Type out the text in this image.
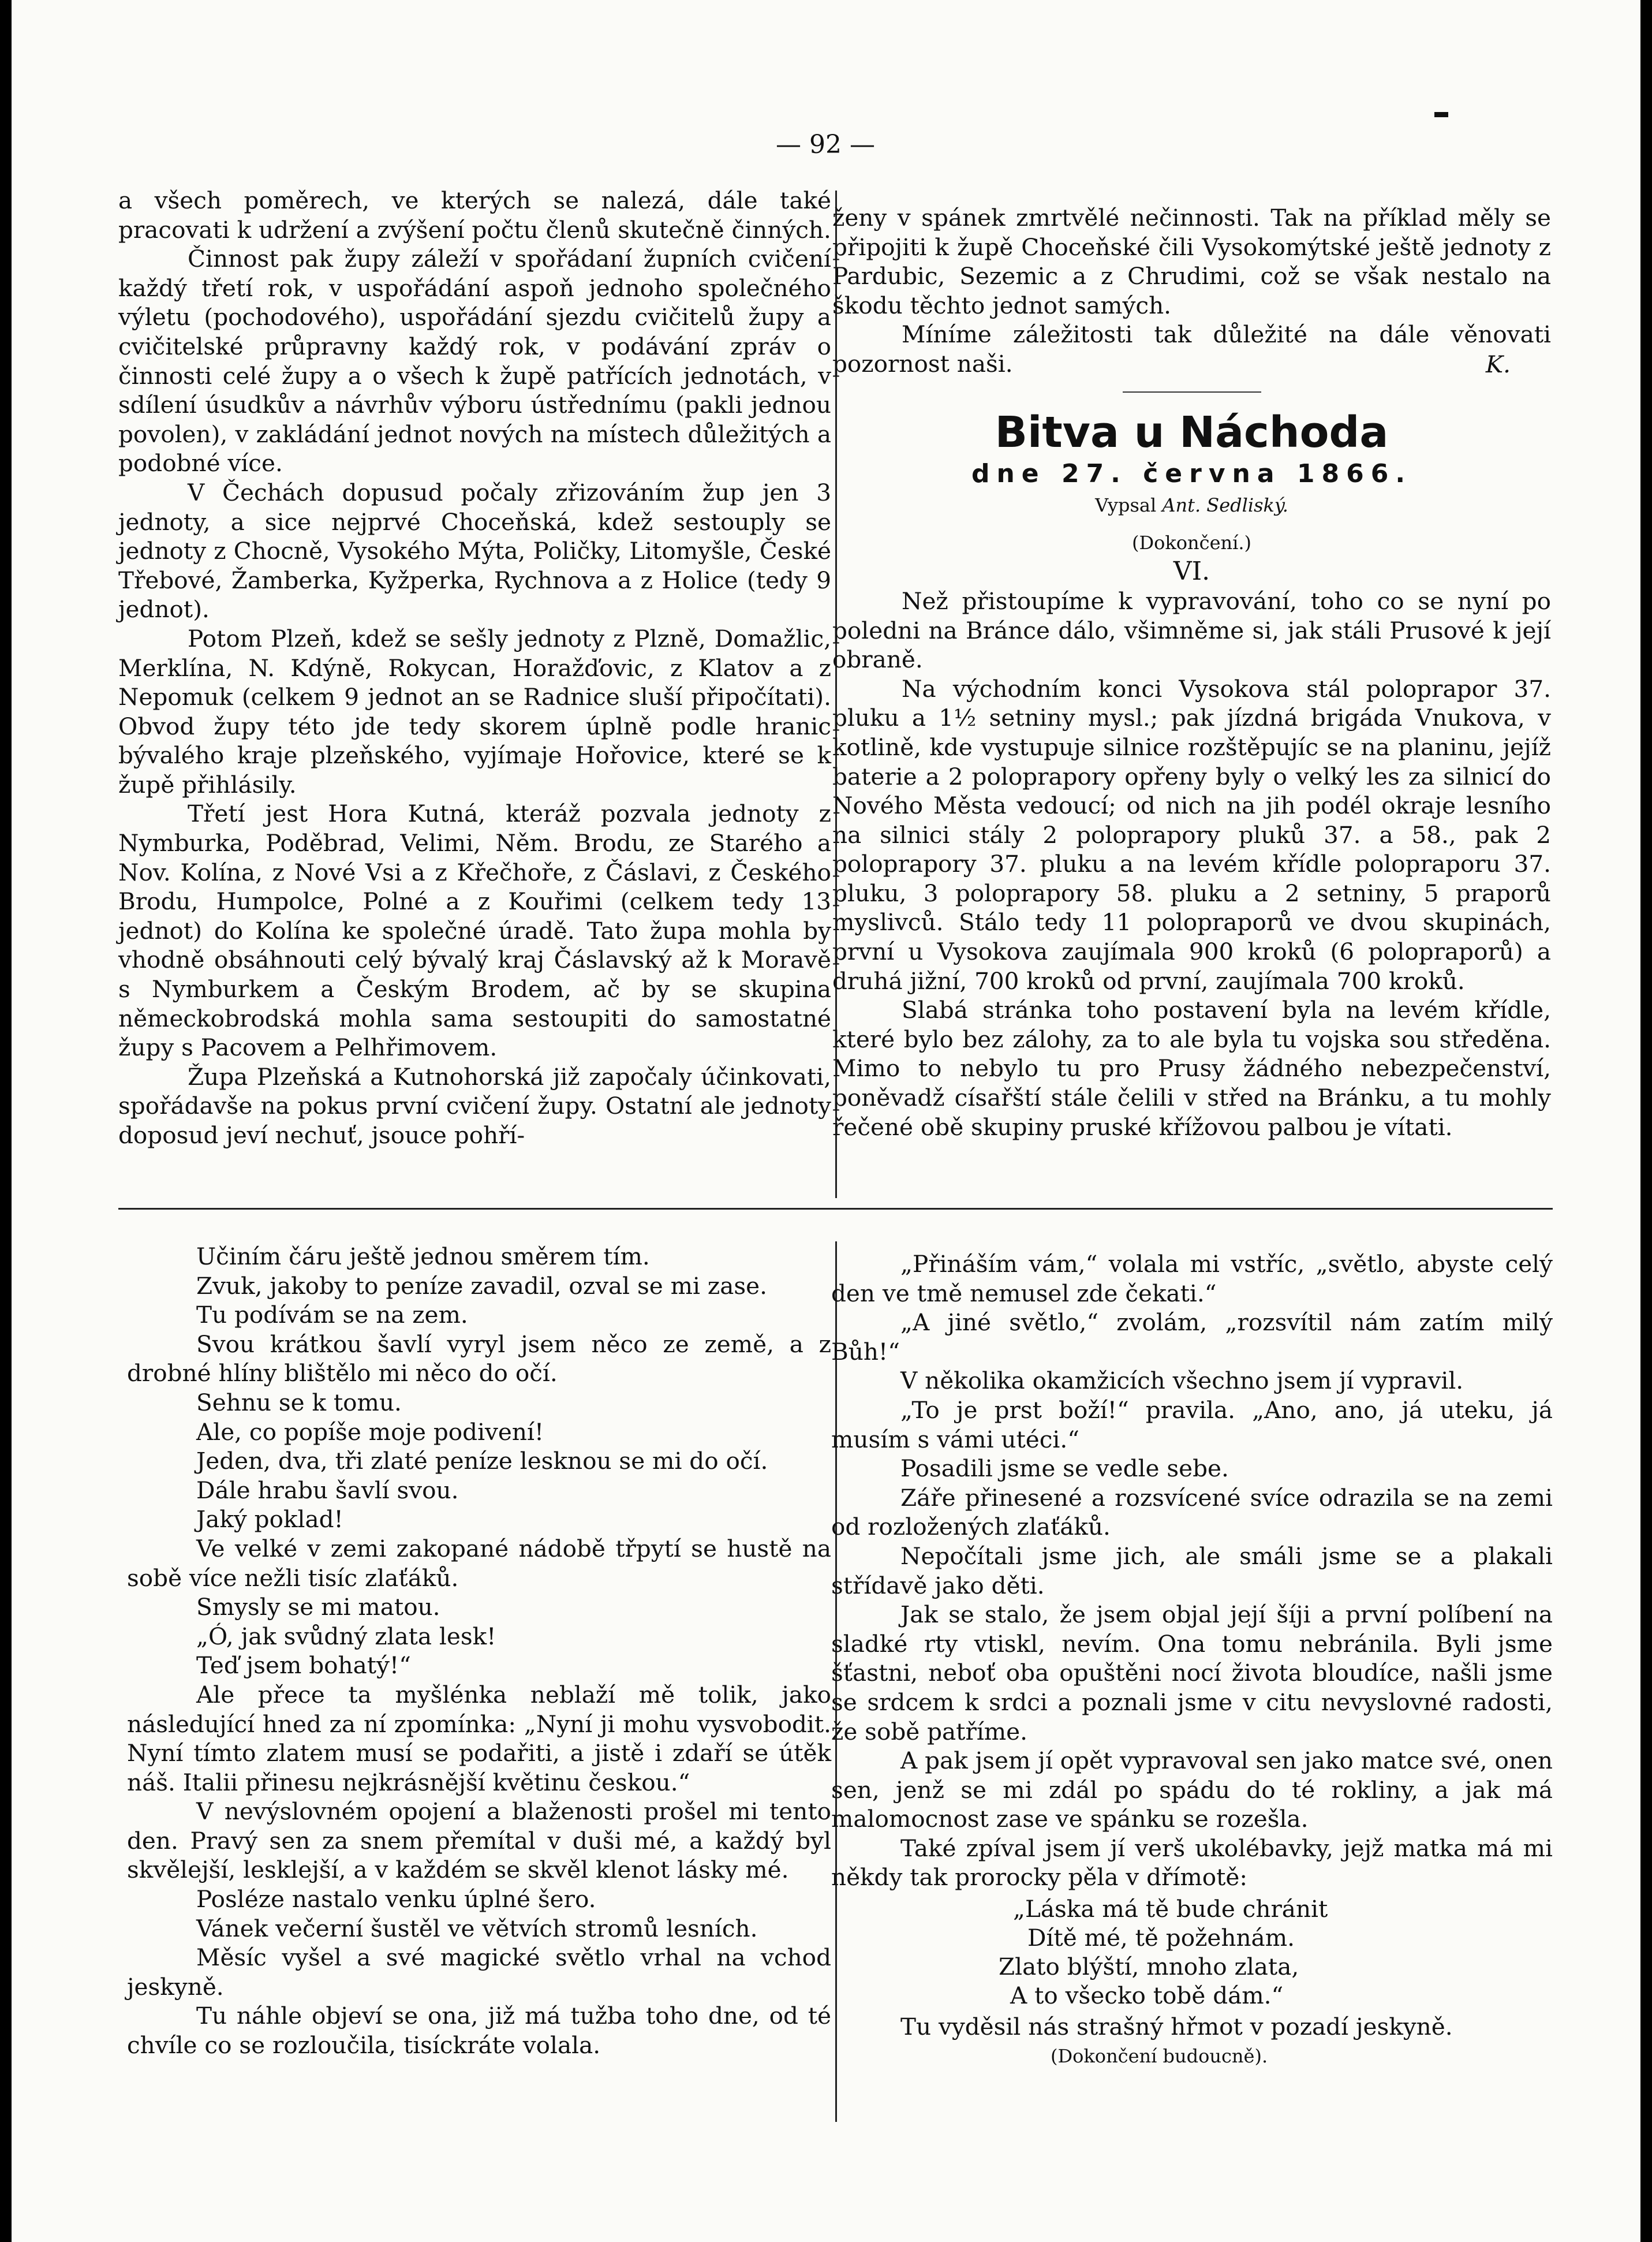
— 92 —

a všech poměrech, ve kterých se nalezá, dále také pracovati k udržení a zvýšení počtu členů skutečně činných.

Činnost pak župy záleží v spořádaní župních cvičení každý třetí rok, v uspořádání aspoň jednoho společného výletu (pochodového), uspořádání sjezdu cvičitelů župy a cvičitelské průpravny každý rok, v podávání zpráv o činnosti celé župy a o všech k župě patřících jednotách, v sdílení úsudkův a návrhův výboru ústřednímu (pakli jednou povolen), v zakládání jednot nových na místech důležitých a podobné více.

V Čechách dopusud počaly zřizováním žup jen 3 jednoty, a sice nejprvé Choceňská, kdež sestouply se jednoty z Chocně, Vysokého Mýta, Poličky, Litomyšle, České Třebové, Žamberka, Kyžperka, Rychnova a z Holice (tedy 9 jednot).

Potom Plzeň, kdež se sešly jednoty z Plzně, Domažlic, Merklína, N. Kdýně, Rokycan, Horažďovic, z Klatov a z Nepomuk (celkem 9 jednot an se Radnice sluší připočítati). Obvod župy této jde tedy skorem úplně podle hranic bývalého kraje plzeňského, vyjímaje Hořovice, které se k župě přihlásily.

Třetí jest Hora Kutná, kteráž pozvala jednoty z Nymburka, Poděbrad, Velimi, Něm. Brodu, ze Starého a Nov. Kolína, z Nové Vsi a z Křečhoře, z Čáslavi, z Českého Brodu, Humpolce, Polné a z Kouřimi (celkem tedy 13 jednot) do Kolína ke společné úradě. Tato župa mohla by vhodně obsáhnouti celý bývalý kraj Čáslavský až k Moravě s Nymburkem a Českým Brodem, ač by se skupina německobrodská mohla sama sestoupiti do samostatné župy s Pacovem a Pelhřimovem.

Župa Plzeňská a Kutnohorská již započaly účinkovati, spořádavše na pokus první cvičení župy. Ostatní ale jednoty doposud jeví nechuť, jsouce pohří-

ženy v spánek zmrtvělé nečinnosti. Tak na příklad měly se připojiti k župě Choceňské čili Vysokomýtské ještě jednoty z Pardubic, Sezemic a z Chrudimi, což se však nestalo na škodu těchto jednot samých.

Míníme záležitosti tak důležité na dále věnovati pozornost naši.	K.

Bitva u Náchoda

dne 27. června 1866.

Vypsal Ant. Sedliský.

(Dokončení.)

VI.

Než přistoupíme k vypravování, toho co se nyní po poledni na Bránce dálo, všimněme si, jak stáli Prusové k její obraně.

Na východním konci Vysokova stál poloprapor 37. pluku a 1½ setniny mysl.; pak jízdná brigáda Vnukova, v kotlině, kde vystupuje silnice rozštěpujíc se na planinu, jejíž baterie a 2 poloprapory opřeny byly o velký les za silnicí do Nového Města vedoucí; od nich na jih podél okraje lesního na silnici stály 2 poloprapory pluků 37. a 58., pak 2 poloprapory 37. pluku a na levém křídle polopraporu 37. pluku, 3 poloprapory 58. pluku a 2 setniny, 5 praporů myslivců. Stálo tedy 11 polopraporů ve dvou skupinách, první u Vysokova zaujímala 900 kroků (6 polopraporů) a druhá jižní, 700 kroků od první, zaujímala 700 kroků.

Slabá stránka toho postavení byla na levém křídle, které bylo bez zálohy, za to ale byla tu vojska sou středěna. Mimo to nebylo tu pro Prusy žádného nebezpečenství, poněvadž císařští stále čelili v střed na Bránku, a tu mohly řečené obě skupiny pruské křížovou palbou je vítati.

Učiním čáru ještě jednou směrem tím.

Zvuk, jakoby to peníze zavadil, ozval se mi zase.

Tu podívám se na zem.

Svou krátkou šavlí vyryl jsem něco ze země, a z drobné hlíny blištělo mi něco do očí.

Sehnu se k tomu.

Ale, co popíše moje podivení!

Jeden, dva, tři zlaté peníze lesknou se mi do očí.

Dále hrabu šavlí svou.

Jaký poklad!

Ve velké v zemi zakopané nádobě třpytí se hustě na sobě více nežli tisíc zlaťáků.

Smysly se mi matou.

„Ó, jak svůdný zlata lesk!

Teď jsem bohatý!“

Ale přece ta myšlénka neblaží mě tolik, jako následující hned za ní zpomínka: „Nyní ji mohu vysvobodit. Nyní tímto zlatem musí se podařiti, a jistě i zdaří se útěk náš. Italii přinesu nejkrásnější květinu českou.“

V nevýslovném opojení a blaženosti prošel mi tento den. Pravý sen za snem přemítal v duši mé, a každý byl skvělejší, lesklejší, a v každém se skvěl klenot lásky mé.

Posléze nastalo venku úplné šero.

Vánek večerní šustěl ve větvích stromů lesních.

Měsíc vyšel a své magické světlo vrhal na vchod jeskyně.

Tu náhle objeví se ona, již má tužba toho dne, od té chvíle co se rozloučila, tisíckráte volala.

„Přináším vám,“ volala mi vstříc, „světlo, abyste celý den ve tmě nemusel zde čekati.“

„A jiné světlo,“ zvolám, „rozsvítil nám zatím milý Bůh!“

V několika okamžicích všechno jsem jí vypravil.

„To je prst boží!“ pravila. „Ano, ano, já uteku, já musím s vámi utéci.“

Posadili jsme se vedle sebe.

Záře přinesené a rozsvícené svíce odrazila se na zemi od rozložených zlaťáků.

Nepočítali jsme jich, ale smáli jsme se a plakali střídavě jako děti.

Jak se stalo, že jsem objal její šíji a první políbení na sladké rty vtiskl, nevím. Ona tomu nebránila. Byli jsme šťastni, neboť oba opuštěni nocí života bloudíce, našli jsme se srdcem k srdci a poznali jsme v citu nevyslovné radosti, že sobě patříme.

A pak jsem jí opět vypravoval sen jako matce své, onen sen, jenž se mi zdál po spádu do té rokliny, a jak má malomocnost zase ve spánku se rozešla.

Také zpíval jsem jí verš ukolébavky, jejž matka má mi někdy tak prorocky pěla v dřímotě:

„Láska má tě bude chránit
Dítě mé, tě požehnám.
Zlato blýští, mnoho zlata,
A to všecko tobě dám.“

Tu vyděsil nás strašný hřmot v pozadí jeskyně.

(Dokončení budoucně).
